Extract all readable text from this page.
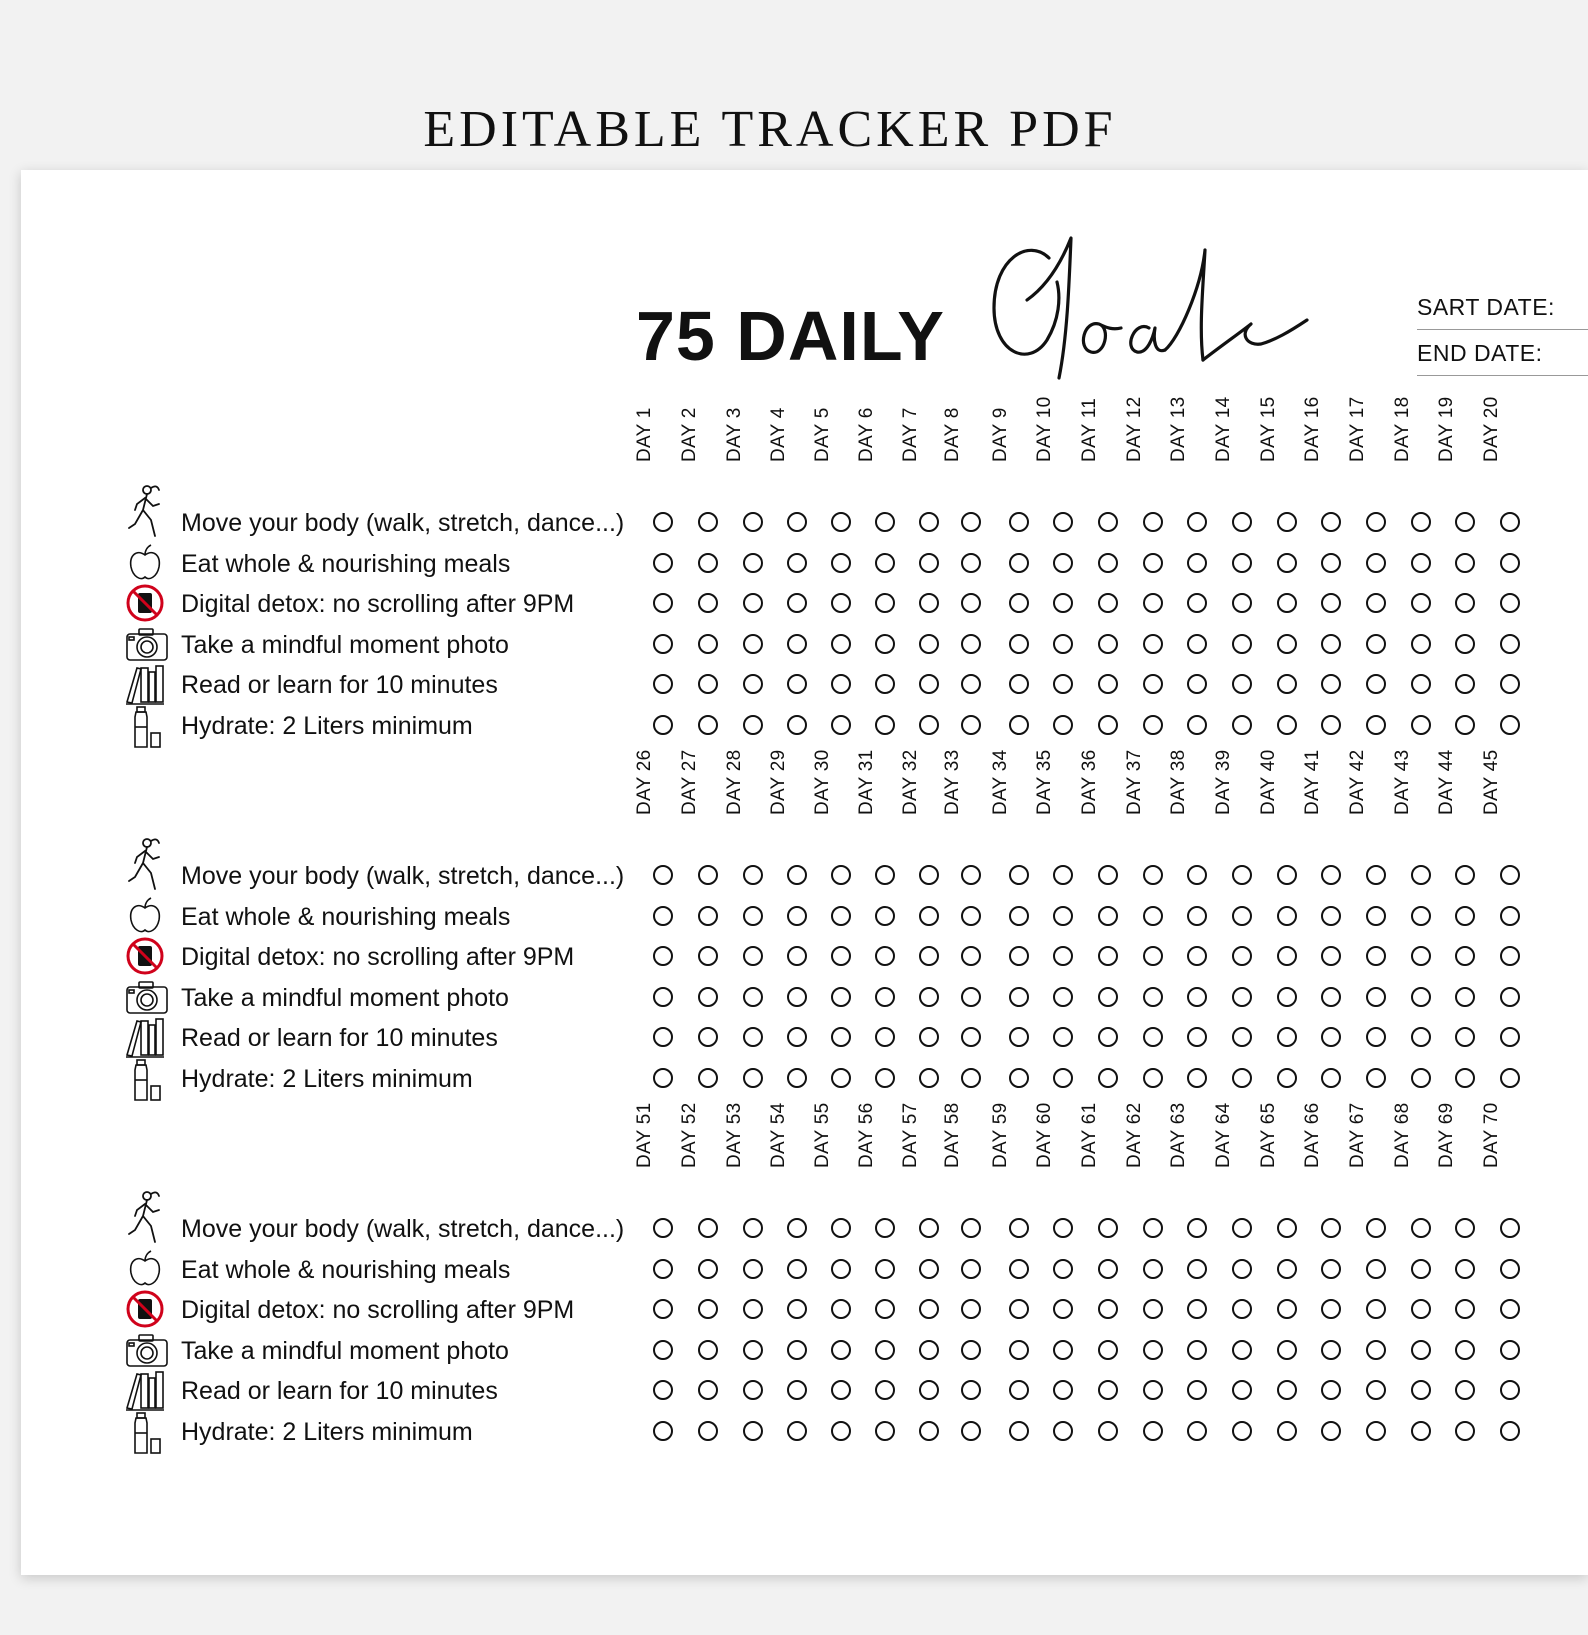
EDITABLE TRACKER PDF
75 DAILY	SART DATE:
END DATE:
DAY 1 DAY 2 DAY 3 DAY 4 DAY 5 DAY 6 DAY 7 DAY 8 DAY 9 DAY 10 DAY 11 DAY 12 DAY 13 DAY 14 DAY 15 DAY 16 DAY 17 DAY 18 DAY 19 DAY 20
Move your body (walk, stretch, dance...)
Eat whole & nourishing meals
Digital detox: no scrolling after 9PM
Take a mindful moment photo
Read or learn for 10 minutes
Hydrate: 2 Liters minimum
DAY 26 DAY 27 DAY 28 DAY 29 DAY 30 DAY 31 DAY 32 DAY 33 DAY 34 DAY 35 DAY 36 DAY 37 DAY 38 DAY 39 DAY 40 DAY 41 DAY 42 DAY 43 DAY 44 DAY 45
Move your body (walk, stretch, dance...)
Eat whole & nourishing meals
Digital detox: no scrolling after 9PM
Take a mindful moment photo
Read or learn for 10 minutes
Hydrate: 2 Liters minimum
DAY 51 DAY 52 DAY 53 DAY 54 DAY 55 DAY 56 DAY 57 DAY 58 DAY 59 DAY 60 DAY 61 DAY 62 DAY 63 DAY 64 DAY 65 DAY 66 DAY 67 DAY 68 DAY 69 DAY 70
Move your body (walk, stretch, dance...)
Eat whole & nourishing meals
Digital detox: no scrolling after 9PM
Take a mindful moment photo
Read or learn for 10 minutes
Hydrate: 2 Liters minimum
